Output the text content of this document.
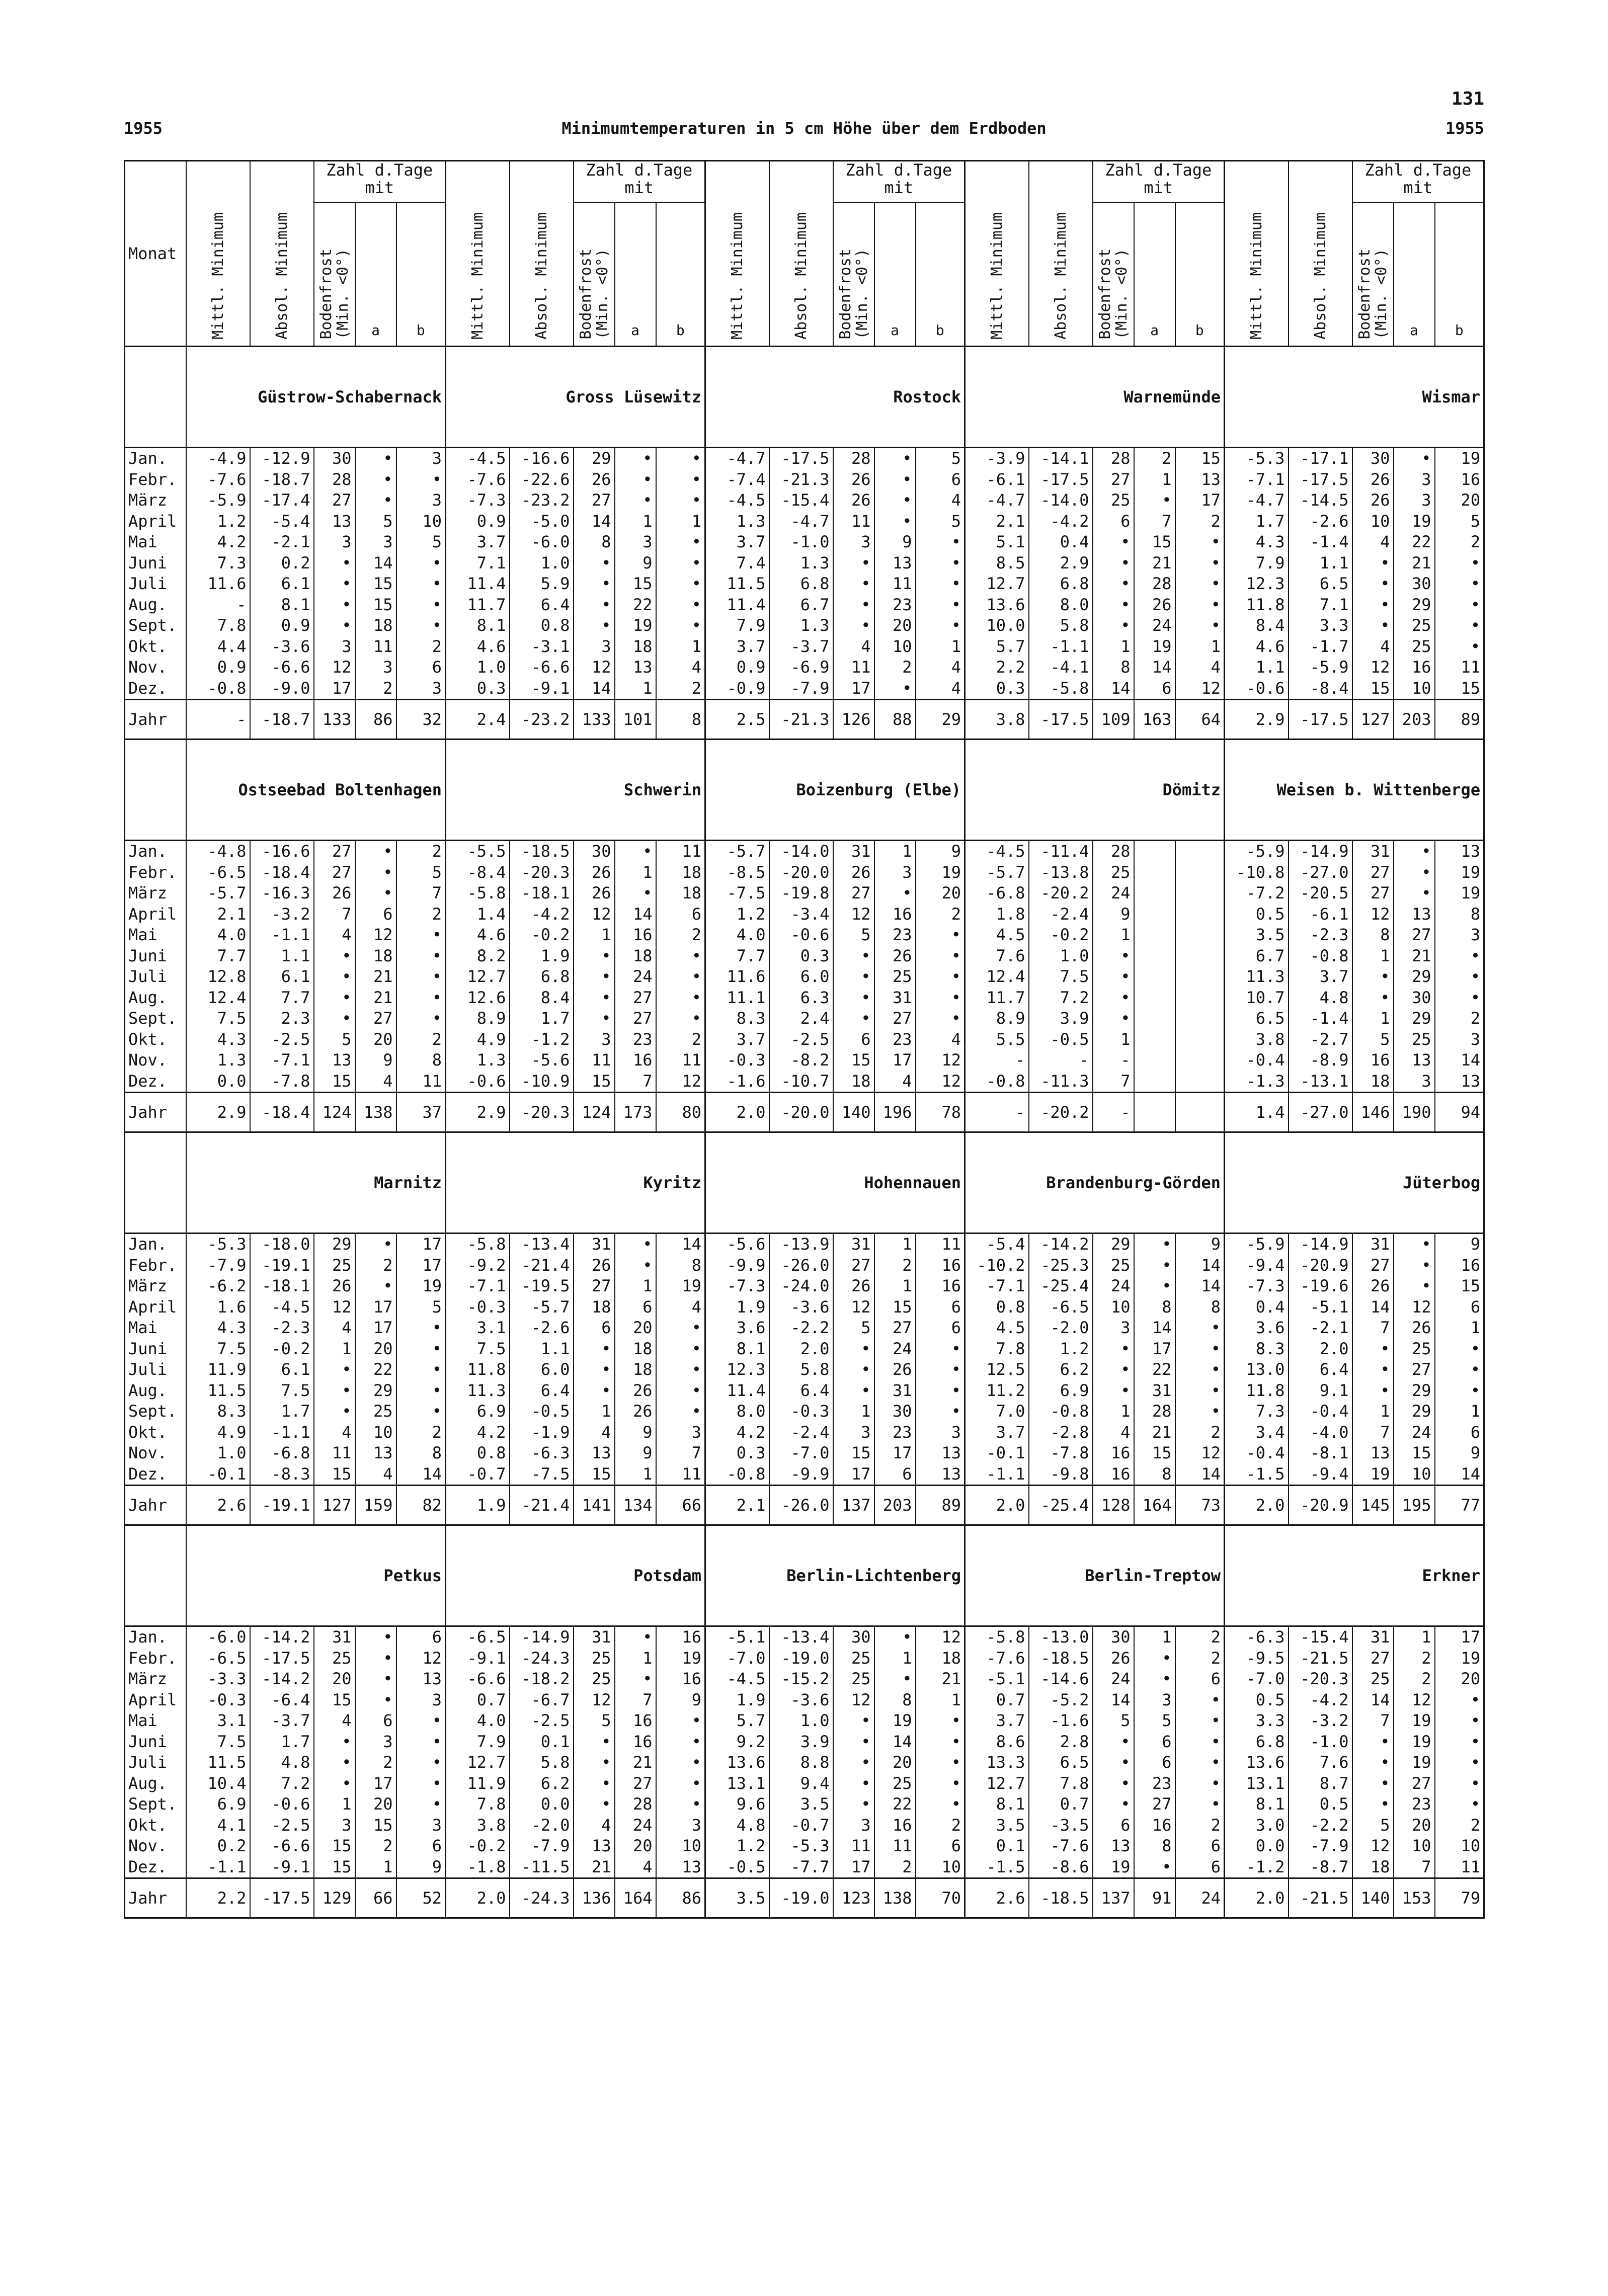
131
1955	Minimumtemperaturen in 5 cm Höhe über dem Erdboden	1955
Monat	Mittl. Minimum	Absol. Minimum	Zahl d.Tage mit			Mittl. Minimum	Absol. Minimum	Zahl d.Tage mit			Mittl. Minimum	Absol. Minimum	Zahl d.Tage mit			Mittl. Minimum	Absol. Minimum	Zahl d.Tage mit			Mittl. Minimum	Absol. Minimum	Zahl d.Tage mit		

			Bodenfrost
(Min. <0°)	a	b			Bodenfrost
(Min. <0°)	a	b			Bodenfrost
(Min. <0°)	a	b			Bodenfrost
(Min. <0°)	a	b			Bodenfrost
(Min. <0°)	a	b
	Güstrow-Schabernack					Gross Lüsewitz					Rostock					Warnemünde					Wismar				
Jan.	-4.9	-12.9	30	•	3	-4.5	-16.6	29	•	•	-4.7	-17.5	28	•	5	-3.9	-14.1	28	2	15	-5.3	-17.1	30	•	19
Febr.	-7.6	-18.7	28	•	•	-7.6	-22.6	26	•	•	-7.4	-21.3	26	•	6	-6.1	-17.5	27	1	13	-7.1	-17.5	26	3	16
März	-5.9	-17.4	27	•	3	-7.3	-23.2	27	•	•	-4.5	-15.4	26	•	4	-4.7	-14.0	25	•	17	-4.7	-14.5	26	3	20
April	1.2	-5.4	13	5	10	0.9	-5.0	14	1	1	1.3	-4.7	11	•	5	2.1	-4.2	6	7	2	1.7	-2.6	10	19	5
Mai	4.2	-2.1	3	3	5	3.7	-6.0	8	3	•	3.7	-1.0	3	9	•	5.1	0.4	•	15	•	4.3	-1.4	4	22	2
Juni	7.3	0.2	•	14	•	7.1	1.0	•	9	•	7.4	1.3	•	13	•	8.5	2.9	•	21	•	7.9	1.1	•	21	•
Juli	11.6	6.1	•	15	•	11.4	5.9	•	15	•	11.5	6.8	•	11	•	12.7	6.8	•	28	•	12.3	6.5	•	30	•
Aug.	-	8.1	•	15	•	11.7	6.4	•	22	•	11.4	6.7	•	23	•	13.6	8.0	•	26	•	11.8	7.1	•	29	•
Sept.	7.8	0.9	•	18	•	8.1	0.8	•	19	•	7.9	1.3	•	20	•	10.0	5.8	•	24	•	8.4	3.3	•	25	•
Okt.	4.4	-3.6	3	11	2	4.6	-3.1	3	18	1	3.7	-3.7	4	10	1	5.7	-1.1	1	19	1	4.6	-1.7	4	25	•
Nov.	0.9	-6.6	12	3	6	1.0	-6.6	12	13	4	0.9	-6.9	11	2	4	2.2	-4.1	8	14	4	1.1	-5.9	12	16	11
Dez.	-0.8	-9.0	17	2	3	0.3	-9.1	14	1	2	-0.9	-7.9	17	•	4	0.3	-5.8	14	6	12	-0.6	-8.4	15	10	15
Jahr	-	-18.7	133	86	32	2.4	-23.2	133	101	8	2.5	-21.3	126	88	29	3.8	-17.5	109	163	64	2.9	-17.5	127	203	89
	Ostseebad Boltenhagen					Schwerin					Boizenburg (Elbe)					Dömitz					Weisen b. Wittenberge				
Jan.	-4.8	-16.6	27	•	2	-5.5	-18.5	30	•	11	-5.7	-14.0	31	1	9	-4.5	-11.4	28			-5.9	-14.9	31	•	13
Febr.	-6.5	-18.4	27	•	5	-8.4	-20.3	26	1	18	-8.5	-20.0	26	3	19	-5.7	-13.8	25			-10.8	-27.0	27	•	19
März	-5.7	-16.3	26	•	7	-5.8	-18.1	26	•	18	-7.5	-19.8	27	•	20	-6.8	-20.2	24			-7.2	-20.5	27	•	19
April	2.1	-3.2	7	6	2	1.4	-4.2	12	14	6	1.2	-3.4	12	16	2	1.8	-2.4	9			0.5	-6.1	12	13	8
Mai	4.0	-1.1	4	12	•	4.6	-0.2	1	16	2	4.0	-0.6	5	23	•	4.5	-0.2	1			3.5	-2.3	8	27	3
Juni	7.7	1.1	•	18	•	8.2	1.9	•	18	•	7.7	0.3	•	26	•	7.6	1.0	•			6.7	-0.8	1	21	•
Juli	12.8	6.1	•	21	•	12.7	6.8	•	24	•	11.6	6.0	•	25	•	12.4	7.5	•			11.3	3.7	•	29	•
Aug.	12.4	7.7	•	21	•	12.6	8.4	•	27	•	11.1	6.3	•	31	•	11.7	7.2	•			10.7	4.8	•	30	•
Sept.	7.5	2.3	•	27	•	8.9	1.7	•	27	•	8.3	2.4	•	27	•	8.9	3.9	•			6.5	-1.4	1	29	2
Okt.	4.3	-2.5	5	20	2	4.9	-1.2	3	23	2	3.7	-2.5	6	23	4	5.5	-0.5	1			3.8	-2.7	5	25	3
Nov.	1.3	-7.1	13	9	8	1.3	-5.6	11	16	11	-0.3	-8.2	15	17	12	-	-	-			-0.4	-8.9	16	13	14
Dez.	0.0	-7.8	15	4	11	-0.6	-10.9	15	7	12	-1.6	-10.7	18	4	12	-0.8	-11.3	7			-1.3	-13.1	18	3	13
Jahr	2.9	-18.4	124	138	37	2.9	-20.3	124	173	80	2.0	-20.0	140	196	78	-	-20.2	-			1.4	-27.0	146	190	94
	Marnitz					Kyritz					Hohennauen					Brandenburg-Görden					Jüterbog				
Jan.	-5.3	-18.0	29	•	17	-5.8	-13.4	31	•	14	-5.6	-13.9	31	1	11	-5.4	-14.2	29	•	9	-5.9	-14.9	31	•	9
Febr.	-7.9	-19.1	25	2	17	-9.2	-21.4	26	•	8	-9.9	-26.0	27	2	16	-10.2	-25.3	25	•	14	-9.4	-20.9	27	•	16
März	-6.2	-18.1	26	•	19	-7.1	-19.5	27	1	19	-7.3	-24.0	26	1	16	-7.1	-25.4	24	•	14	-7.3	-19.6	26	•	15
April	1.6	-4.5	12	17	5	-0.3	-5.7	18	6	4	1.9	-3.6	12	15	6	0.8	-6.5	10	8	8	0.4	-5.1	14	12	6
Mai	4.3	-2.3	4	17	•	3.1	-2.6	6	20	•	3.6	-2.2	5	27	6	4.5	-2.0	3	14	•	3.6	-2.1	7	26	1
Juni	7.5	-0.2	1	20	•	7.5	1.1	•	18	•	8.1	2.0	•	24	•	7.8	1.2	•	17	•	8.3	2.0	•	25	•
Juli	11.9	6.1	•	22	•	11.8	6.0	•	18	•	12.3	5.8	•	26	•	12.5	6.2	•	22	•	13.0	6.4	•	27	•
Aug.	11.5	7.5	•	29	•	11.3	6.4	•	26	•	11.4	6.4	•	31	•	11.2	6.9	•	31	•	11.8	9.1	•	29	•
Sept.	8.3	1.7	•	25	•	6.9	-0.5	1	26	•	8.0	-0.3	1	30	•	7.0	-0.8	1	28	•	7.3	-0.4	1	29	1
Okt.	4.9	-1.1	4	10	2	4.2	-1.9	4	9	3	4.2	-2.4	3	23	3	3.7	-2.8	4	21	2	3.4	-4.0	7	24	6
Nov.	1.0	-6.8	11	13	8	0.8	-6.3	13	9	7	0.3	-7.0	15	17	13	-0.1	-7.8	16	15	12	-0.4	-8.1	13	15	9
Dez.	-0.1	-8.3	15	4	14	-0.7	-7.5	15	1	11	-0.8	-9.9	17	6	13	-1.1	-9.8	16	8	14	-1.5	-9.4	19	10	14
Jahr	2.6	-19.1	127	159	82	1.9	-21.4	141	134	66	2.1	-26.0	137	203	89	2.0	-25.4	128	164	73	2.0	-20.9	145	195	77
	Petkus					Potsdam					Berlin-Lichtenberg					Berlin-Treptow					Erkner				
Jan.	-6.0	-14.2	31	•	6	-6.5	-14.9	31	•	16	-5.1	-13.4	30	•	12	-5.8	-13.0	30	1	2	-6.3	-15.4	31	1	17
Febr.	-6.5	-17.5	25	•	12	-9.1	-24.3	25	1	19	-7.0	-19.0	25	1	18	-7.6	-18.5	26	•	2	-9.5	-21.5	27	2	19
März	-3.3	-14.2	20	•	13	-6.6	-18.2	25	•	16	-4.5	-15.2	25	•	21	-5.1	-14.6	24	•	6	-7.0	-20.3	25	2	20
April	-0.3	-6.4	15	•	3	0.7	-6.7	12	7	9	1.9	-3.6	12	8	1	0.7	-5.2	14	3	•	0.5	-4.2	14	12	•
Mai	3.1	-3.7	4	6	•	4.0	-2.5	5	16	•	5.7	1.0	•	19	•	3.7	-1.6	5	5	•	3.3	-3.2	7	19	•
Juni	7.5	1.7	•	3	•	7.9	0.1	•	16	•	9.2	3.9	•	14	•	8.6	2.8	•	6	•	6.8	-1.0	•	19	•
Juli	11.5	4.8	•	2	•	12.7	5.8	•	21	•	13.6	8.8	•	20	•	13.3	6.5	•	6	•	13.6	7.6	•	19	•
Aug.	10.4	7.2	•	17	•	11.9	6.2	•	27	•	13.1	9.4	•	25	•	12.7	7.8	•	23	•	13.1	8.7	•	27	•
Sept.	6.9	-0.6	1	20	•	7.8	0.0	•	28	•	9.6	3.5	•	22	•	8.1	0.7	•	27	•	8.1	0.5	•	23	•
Okt.	4.1	-2.5	3	15	3	3.8	-2.0	4	24	3	4.8	-0.7	3	16	2	3.5	-3.5	6	16	2	3.0	-2.2	5	20	2
Nov.	0.2	-6.6	15	2	6	-0.2	-7.9	13	20	10	1.2	-5.3	11	11	6	0.1	-7.6	13	8	6	0.0	-7.9	12	10	10
Dez.	-1.1	-9.1	15	1	9	-1.8	-11.5	21	4	13	-0.5	-7.7	17	2	10	-1.5	-8.6	19	•	6	-1.2	-8.7	18	7	11
Jahr	2.2	-17.5	129	66	52	2.0	-24.3	136	164	86	3.5	-19.0	123	138	70	2.6	-18.5	137	91	24	2.0	-21.5	140	153	79
